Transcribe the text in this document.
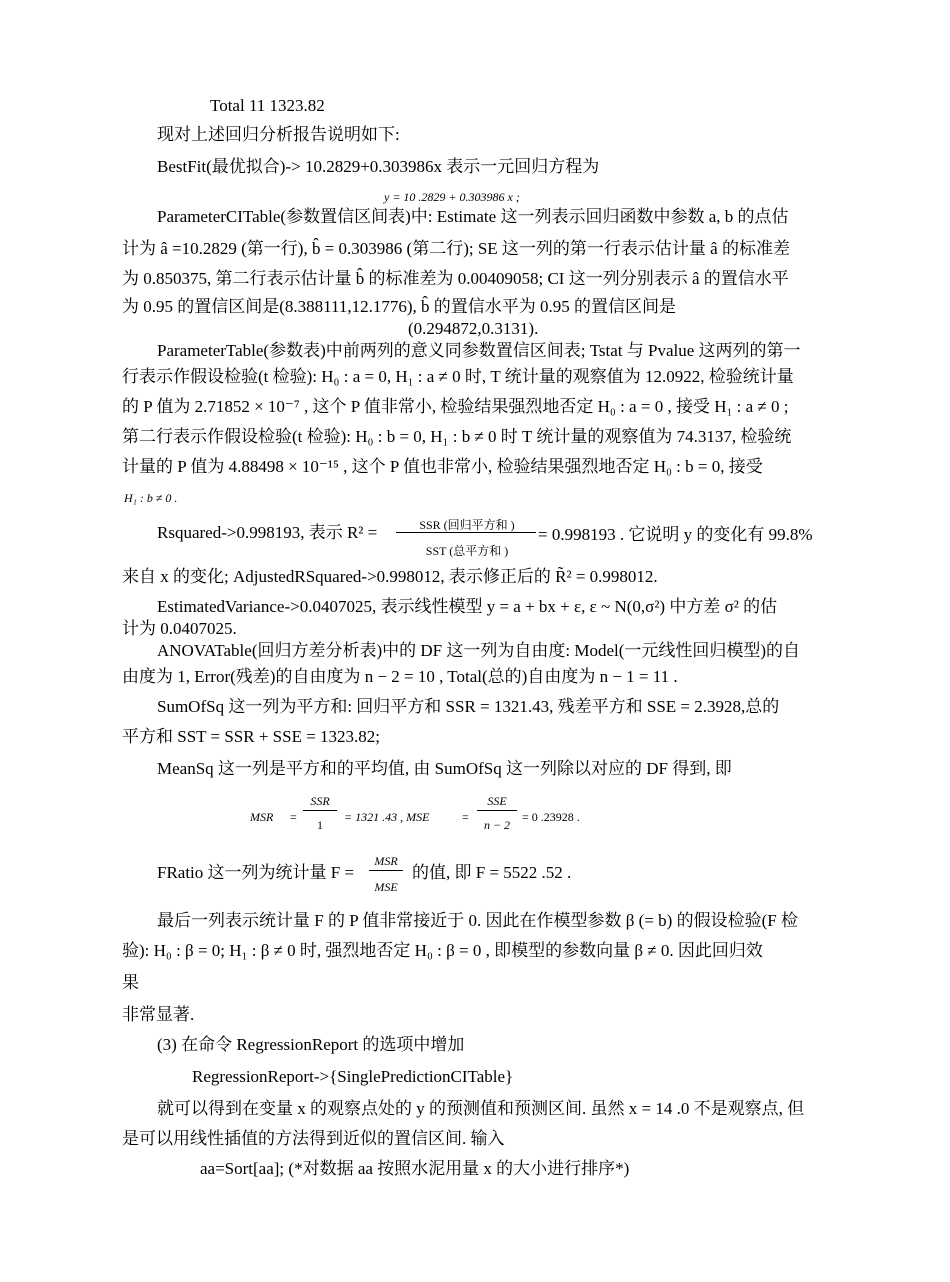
Total 11 1323.82
现对上述回归分析报告说明如下:
BestFit(最优拟合)-> 10.2829+0.303986x 表示一元回归方程为
y = 10 .2829 + 0.303986 x ;
ParameterCITable(参数置信区间表)中: Estimate 这一列表示回归函数中参数 a, b 的点估
计为 â =10.2829 (第一行), b̂ = 0.303986 (第二行); SE 这一列的第一行表示估计量 â 的标准差
为 0.850375, 第二行表示估计量 b̂ 的标准差为 0.00409058; CI 这一列分别表示 â 的置信水平
为 0.95 的置信区间是(8.388111,12.1776), b̂ 的置信水平为 0.95 的置信区间是
(0.294872,0.3131).
ParameterTable(参数表)中前两列的意义同参数置信区间表; Tstat 与 Pvalue 这两列的第一
行表示作假设检验(t 检验): H₀ : a = 0, H₁ : a ≠ 0 时, T 统计量的观察值为 12.0922, 检验统计量
的 P 值为 2.71852 × 10⁻⁷ , 这个 P 值非常小, 检验结果强烈地否定 H₀ : a = 0 , 接受 H₁ : a ≠ 0 ;
第二行表示作假设检验(t 检验): H₀ : b = 0, H₁ : b ≠ 0 时 T 统计量的观察值为 74.3137, 检验统
计量的 P 值为 4.88498 × 10⁻¹⁵ , 这个 P 值也非常小, 检验结果强烈地否定 H₀ : b = 0, 接受
H₁ : b ≠ 0 .
Rsquared->0.998193, 表示 R² =	SSR (回归平方和 )
SST (总平方和 )
= 0.998193 . 它说明 y 的变化有 99.8%
来自 x 的变化; AdjustedRSquared->0.998012, 表示修正后的 R̃² = 0.998012.
EstimatedVariance->0.0407025, 表示线性模型 y = a + bx + ε, ε ~ N(0,σ²) 中方差 σ² 的估
计为 0.0407025.
ANOVATable(回归方差分析表)中的 DF 这一列为自由度: Model(一元线性回归模型)的自
由度为 1, Error(残差)的自由度为 n − 2 = 10 , Total(总的)自由度为 n − 1 = 11 .
SumOfSq 这一列为平方和: 回归平方和 SSR = 1321.43, 残差平方和 SSE = 2.3928,总的
平方和 SST = SSR + SSE = 1323.82;
MeanSq 这一列是平方和的平均值, 由 SumOfSq 这一列除以对应的 DF 得到, 即
MSR =
SSR
1
= 1321 .43 , MSE	=
SSE
n − 2
= 0 .23928 .
FRatio 这一列为统计量 F =
MSR
MSE
的值, 即 F = 5522 .52 .
最后一列表示统计量 F 的 P 值非常接近于 0. 因此在作模型参数 β (= b) 的假设检验(F 检
验): H₀ : β = 0; H₁ : β ≠ 0 时, 强烈地否定 H₀ : β = 0 , 即模型的参数向量 β ≠ 0. 因此回归效
果
非常显著.
(3) 在命令 RegressionReport 的选项中增加
RegressionReport->{SinglePredictionCITable}
就可以得到在变量 x 的观察点处的 y 的预测值和预测区间. 虽然 x = 14 .0 不是观察点, 但
是可以用线性插值的方法得到近似的置信区间. 输入
aa=Sort[aa]; (*对数据 aa 按照水泥用量 x 的大小进行排序*)
